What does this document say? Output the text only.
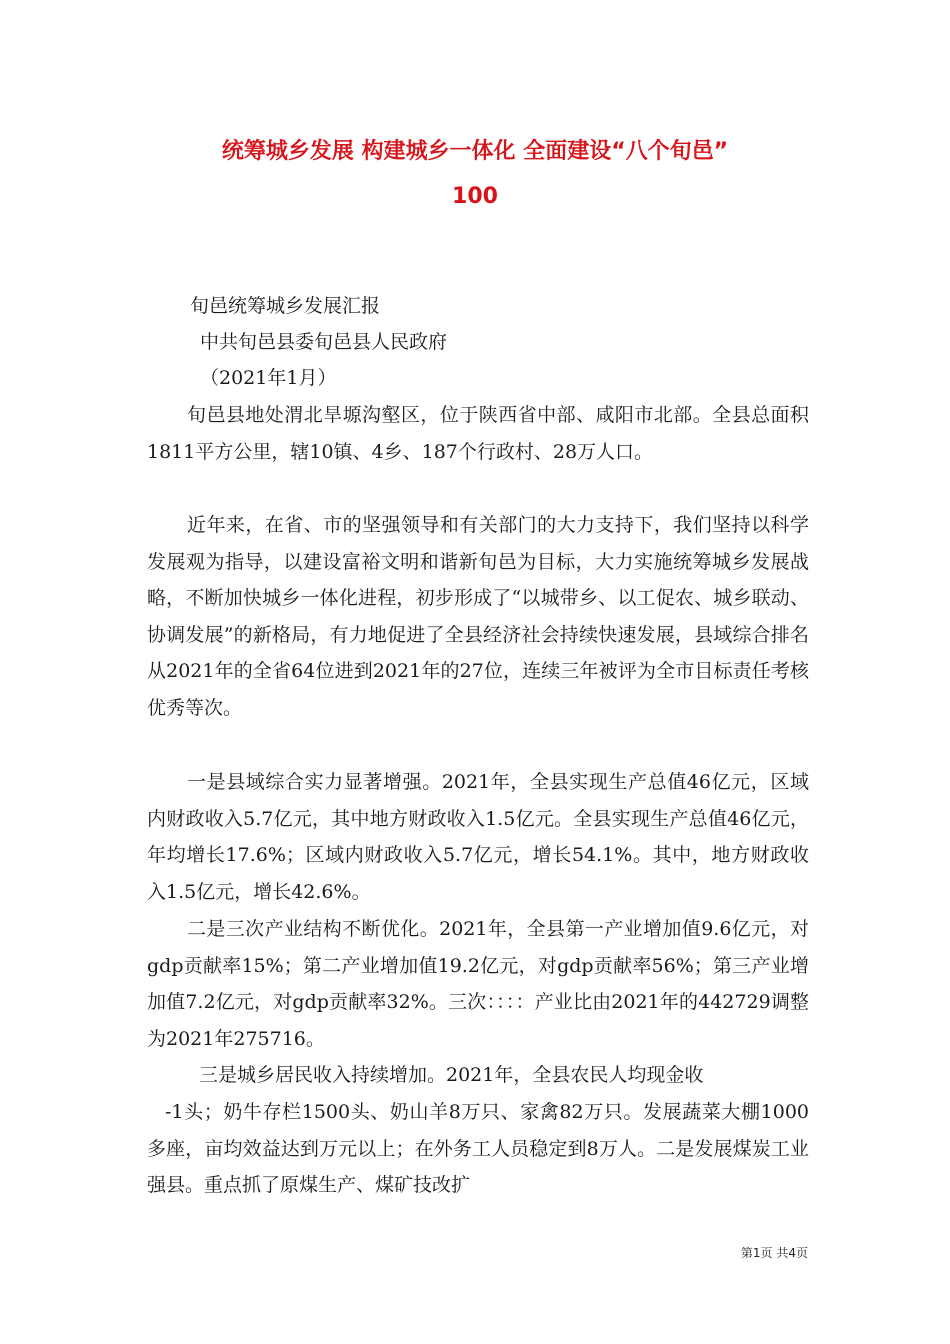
统筹城乡发展 构建城乡一体化 全面建设“八个旬邑”
100

旬邑统筹城乡发展汇报

中共旬邑县委旬邑县人民政府

（2021年1月）

旬邑县地处渭北旱塬沟壑区，位于陕西省中部、咸阳市北部。全县总面积1811平方公里，辖10镇、4乡、187个行政村、28万人口。

近年来，在省、市的坚强领导和有关部门的大力支持下，我们坚持以科学发展观为指导，以建设富裕文明和谐新旬邑为目标，大力实施统筹城乡发展战略，不断加快城乡一体化进程，初步形成了“以城带乡、以工促农、城乡联动、协调发展”的新格局，有力地促进了全县经济社会持续快速发展，县域综合排名从2021年的全省64位进到2021年的27位，连续三年被评为全市目标责任考核优秀等次。

一是县域综合实力显著增强。2021年，全县实现生产总值46亿元，区域内财政收入5.7亿元，其中地方财政收入1.5亿元。全县实现生产总值46亿元，年均增长17.6%；区域内财政收入5.7亿元，增长54.1%。其中，地方财政收入1.5亿元，增长42.6%。

二是三次产业结构不断优化。2021年，全县第一产业增加值9.6亿元，对gdp贡献率15%；第二产业增加值19.2亿元，对gdp贡献率56%；第三产业增加值7.2亿元，对gdp贡献率32%。三次：：：：产业比由2021年的442729调整为2021年275716。

三是城乡居民收入持续增加。2021年，全县农民人均现金收

-1头；奶牛存栏1500头、奶山羊8万只、家禽82万只。发展蔬菜大棚1000多座，亩均效益达到万元以上；在外务工人员稳定到8万人。二是发展煤炭工业强县。重点抓了原煤生产、煤矿技改扩

第1页 共4页
